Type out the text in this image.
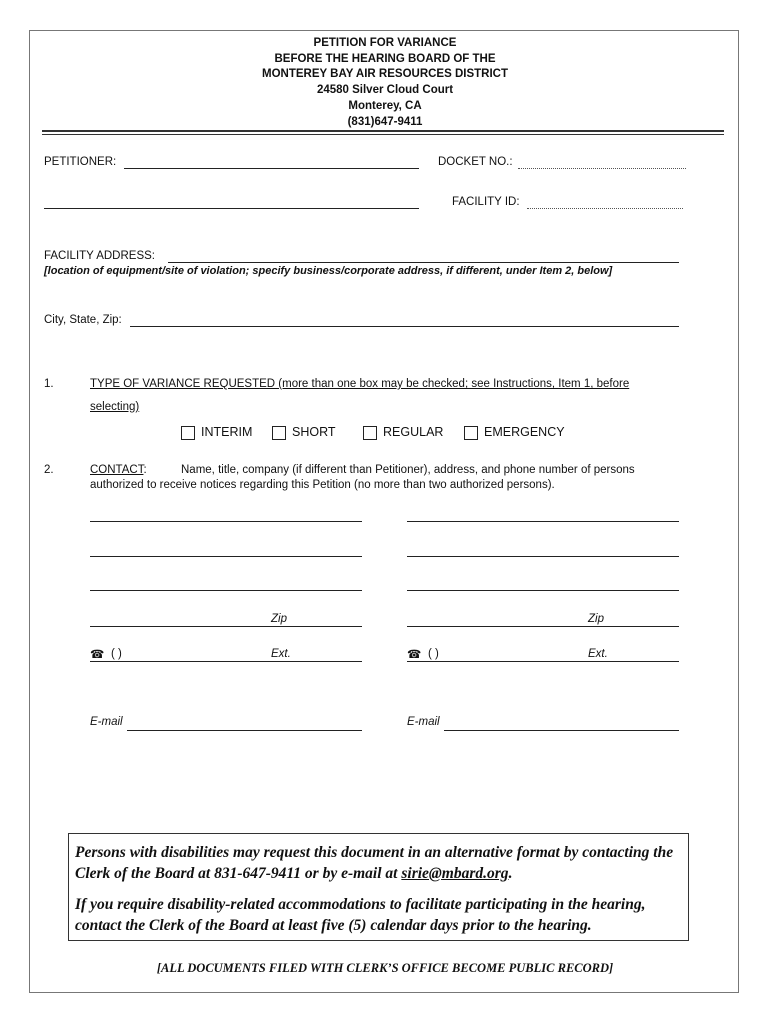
PETITION FOR VARIANCE
BEFORE THE HEARING BOARD OF THE
MONTEREY BAY AIR RESOURCES DISTRICT
24580 Silver Cloud Court
Monterey, CA
(831)647-9411
PETITIONER:	DOCKET NO.:
FACILITY ID:
FACILITY ADDRESS:
[location of equipment/site of violation; specify business/corporate address, if different, under Item 2, below]
City, State, Zip:
1.	TYPE OF VARIANCE REQUESTED (more than one box may be checked; see Instructions, Item 1, before
selecting)
INTERIM	SHORT	REGULAR	EMERGENCY
2.	CONTACT:	Name, title, company (if different than Petitioner), address, and phone number of persons
authorized to receive notices regarding this Petition (no more than two authorized persons).
Zip
☎ ( )	Ext.
E-mail
Zip
☎ ( )	Ext.
E-mail

Persons with disabilities may request this document in an alternative format by contacting the Clerk of the Board at 831-647-9411 or by e-mail at sirie@mbard.org.

If you require disability-related accommodations to facilitate participating in the hearing, contact the Clerk of the Board at least five (5) calendar days prior to the hearing.

[ALL DOCUMENTS FILED WITH CLERK’S OFFICE BECOME PUBLIC RECORD]
